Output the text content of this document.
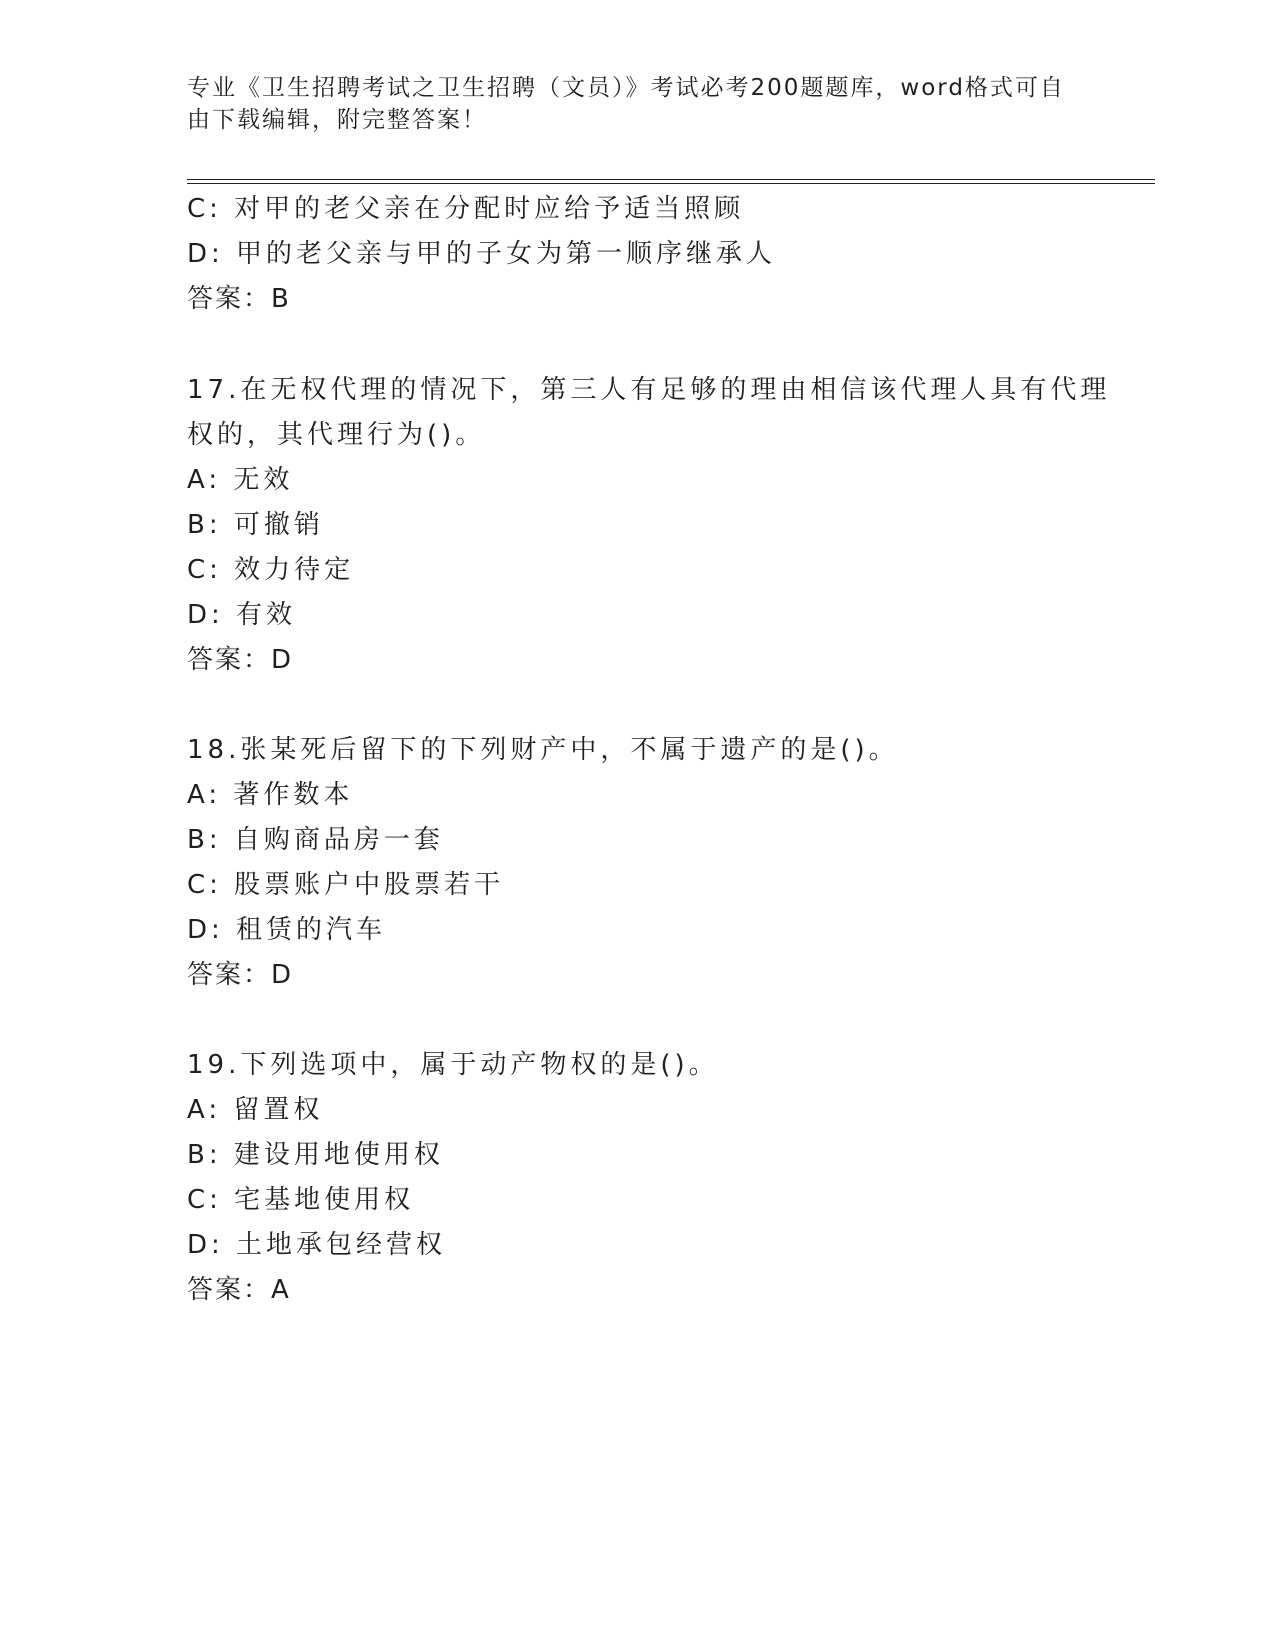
专业《卫生招聘考试之卫生招聘（文员）》考试必考200题题库，word格式可自
由下载编辑，附完整答案！
C: 对甲的老父亲在分配时应给予适当照顾
D: 甲的老父亲与甲的子女为第一顺序继承人
答案：B
17.在无权代理的情况下，第三人有足够的理由相信该代理人具有代理
权的，其代理行为()。
A: 无效
B: 可撤销
C: 效力待定
D: 有效
答案：D
18.张某死后留下的下列财产中，不属于遗产的是()。
A: 著作数本
B: 自购商品房一套
C: 股票账户中股票若干
D: 租赁的汽车
答案：D
19.下列选项中，属于动产物权的是()。
A: 留置权
B: 建设用地使用权
C: 宅基地使用权
D: 土地承包经营权
答案：A
